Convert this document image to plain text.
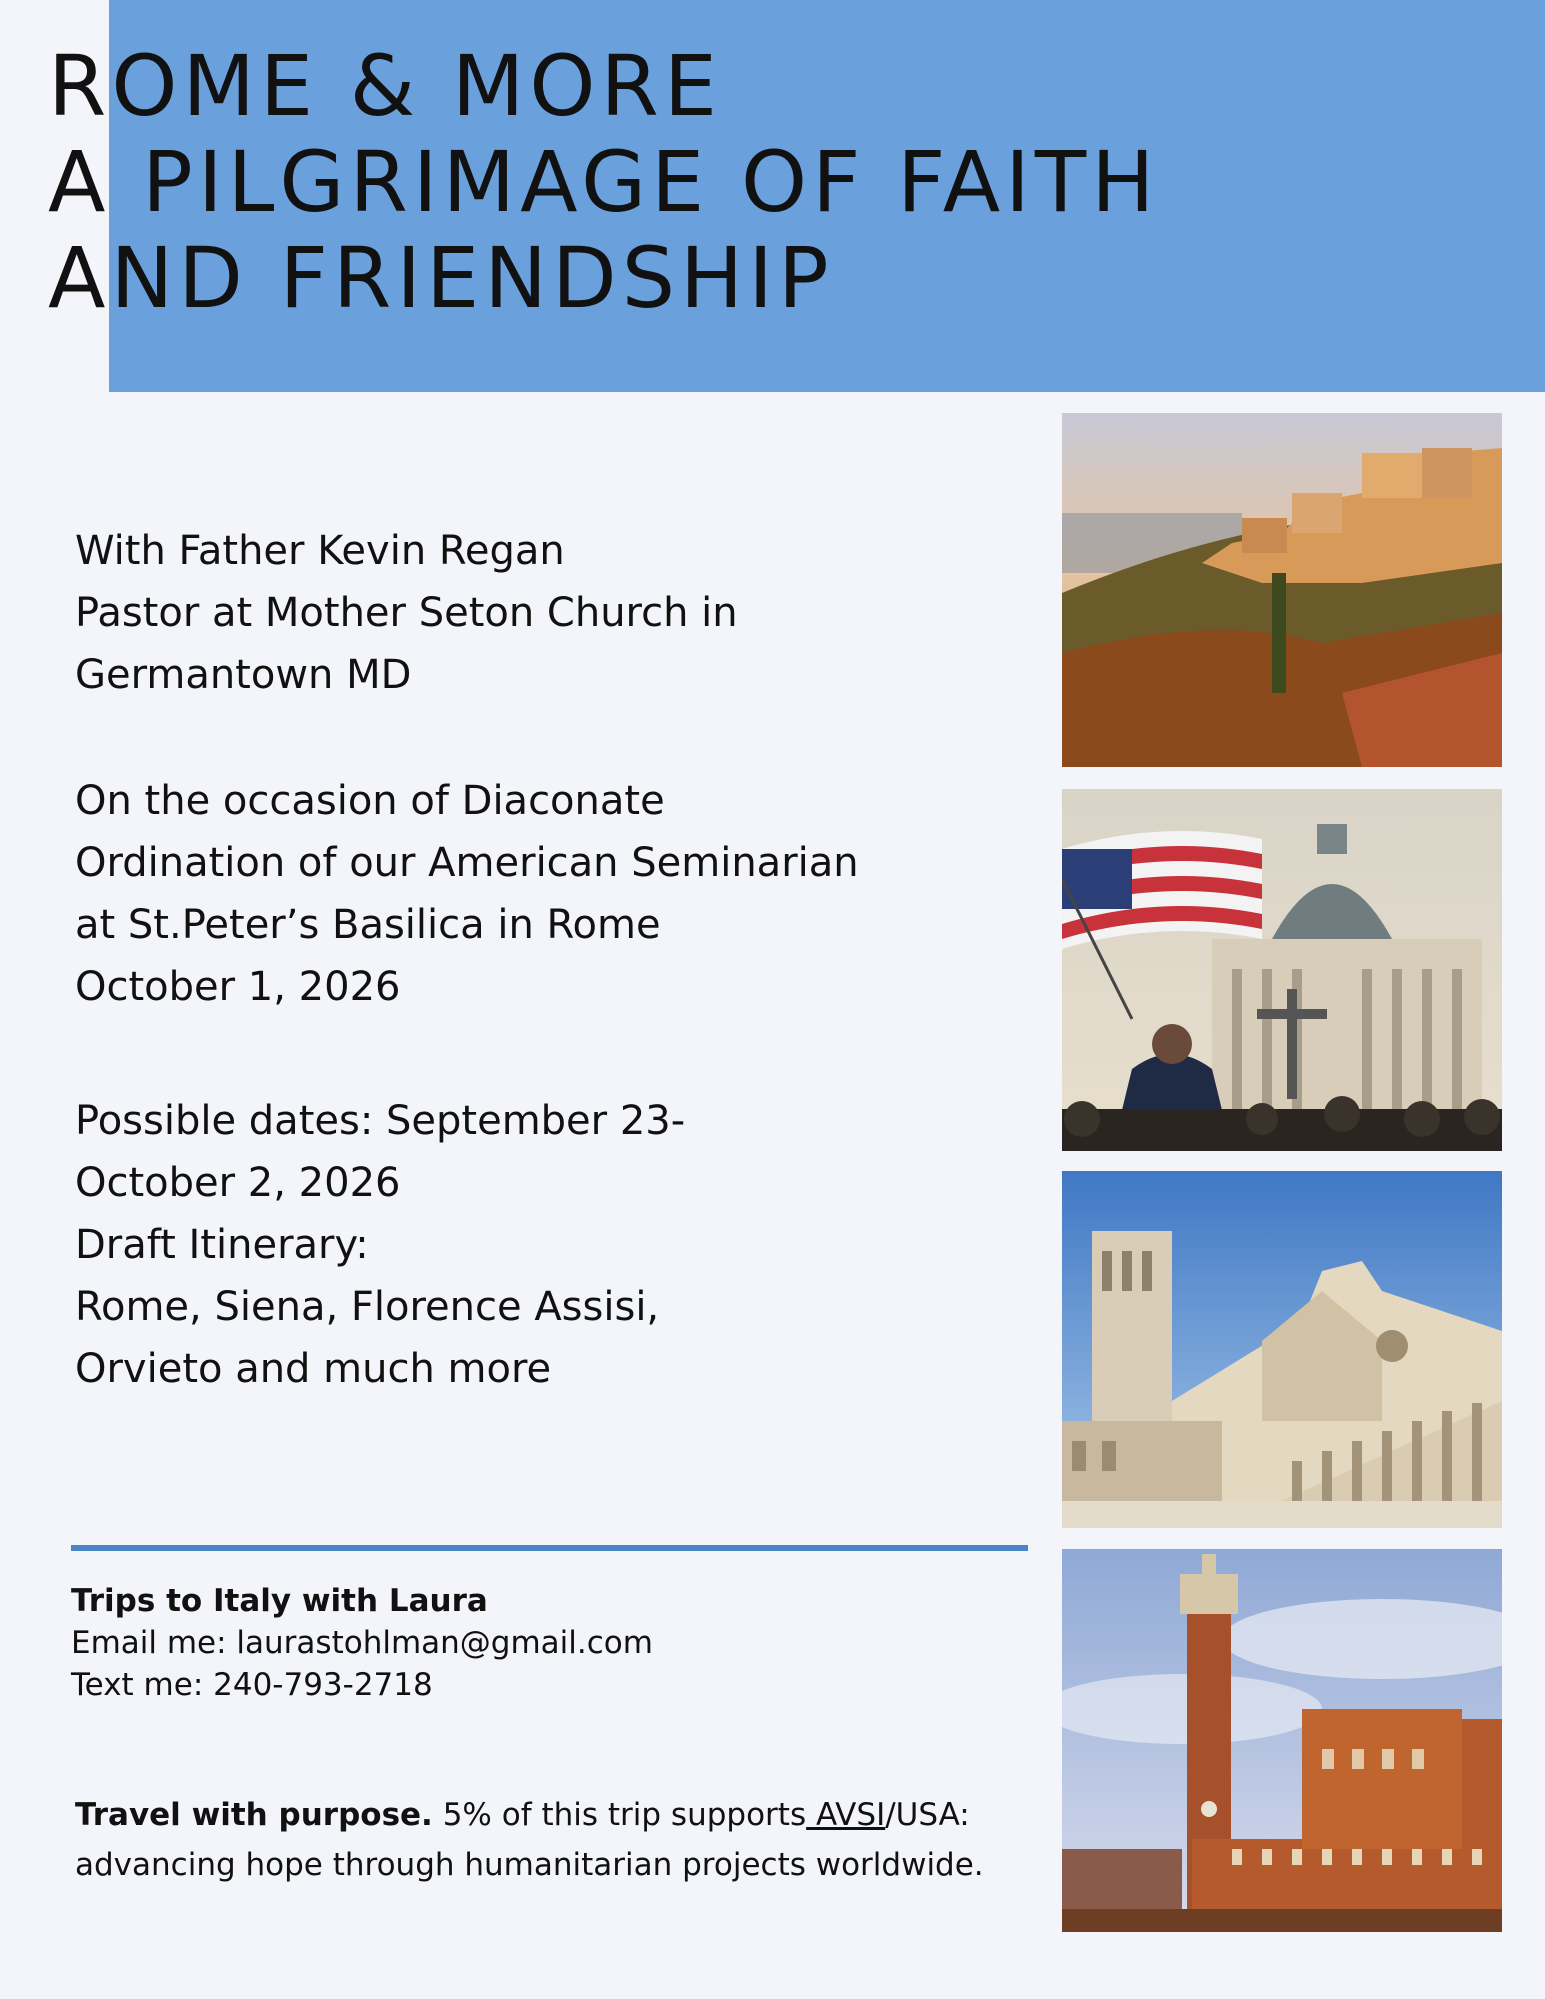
ROME & MORE
A PILGRIMAGE OF FAITH
AND FRIENDSHIP
With Father Kevin Regan
Pastor at Mother Seton Church in
Germantown MD
On the occasion of Diaconate
Ordination of our American Seminarian
at St.Peter’s Basilica in Rome
October 1, 2026
Possible dates: September 23-
October 2, 2026
Draft Itinerary:
Rome, Siena, Florence Assisi,
Orvieto and much more
Trips to Italy with Laura
Email me: laurastohlman@gmail.com
Text me: 240-793-2718
Travel with purpose. 5% of this trip supports AVSI/USA:
advancing hope through humanitarian projects worldwide.
